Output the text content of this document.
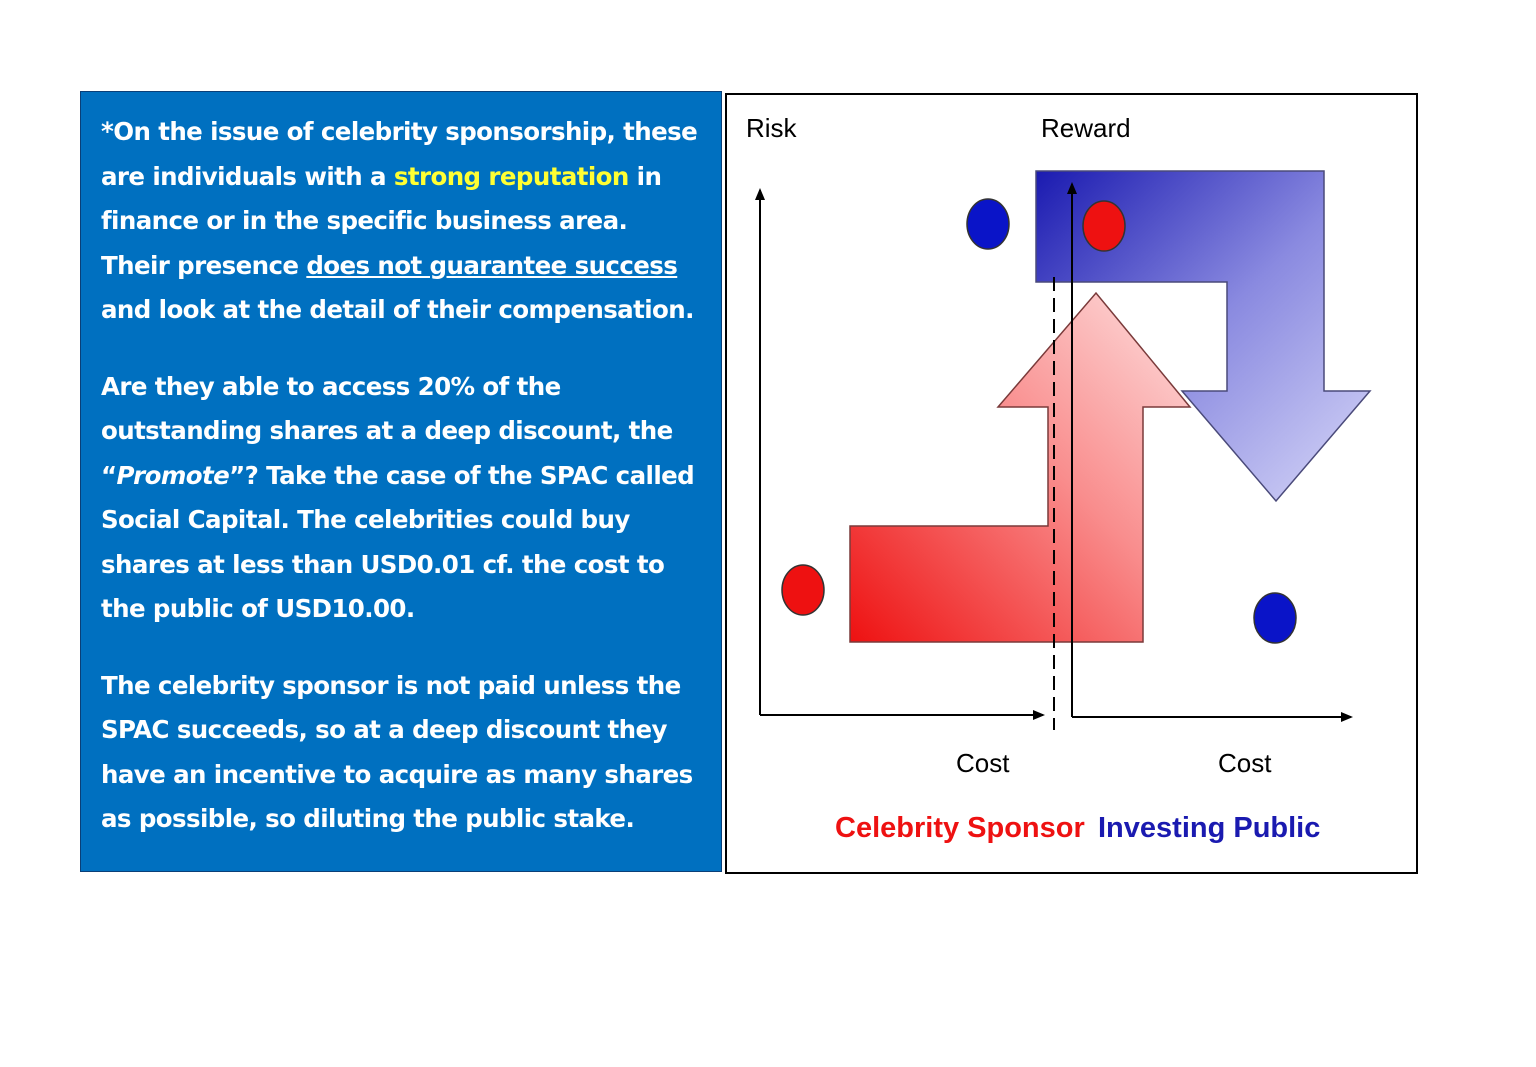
*On the issue of celebrity sponsorship, these are individuals with a strong reputation in finance or in the specific business area. Their presence does not guarantee success and look at the detail of their compensation.

Are they able to access 20% of the outstanding shares at a deep discount, the “Promote”? Take the case of the SPAC called Social Capital. The celebrities could buy shares at less than USD0.01 cf. the cost to the public of USD10.00.

The celebrity sponsor is not paid unless the SPAC succeeds, so at a deep discount they have an incentive to acquire as many shares as possible, so diluting the public stake.

Risk	Reward
Cost	Cost
Celebrity Sponsor Investing Public
